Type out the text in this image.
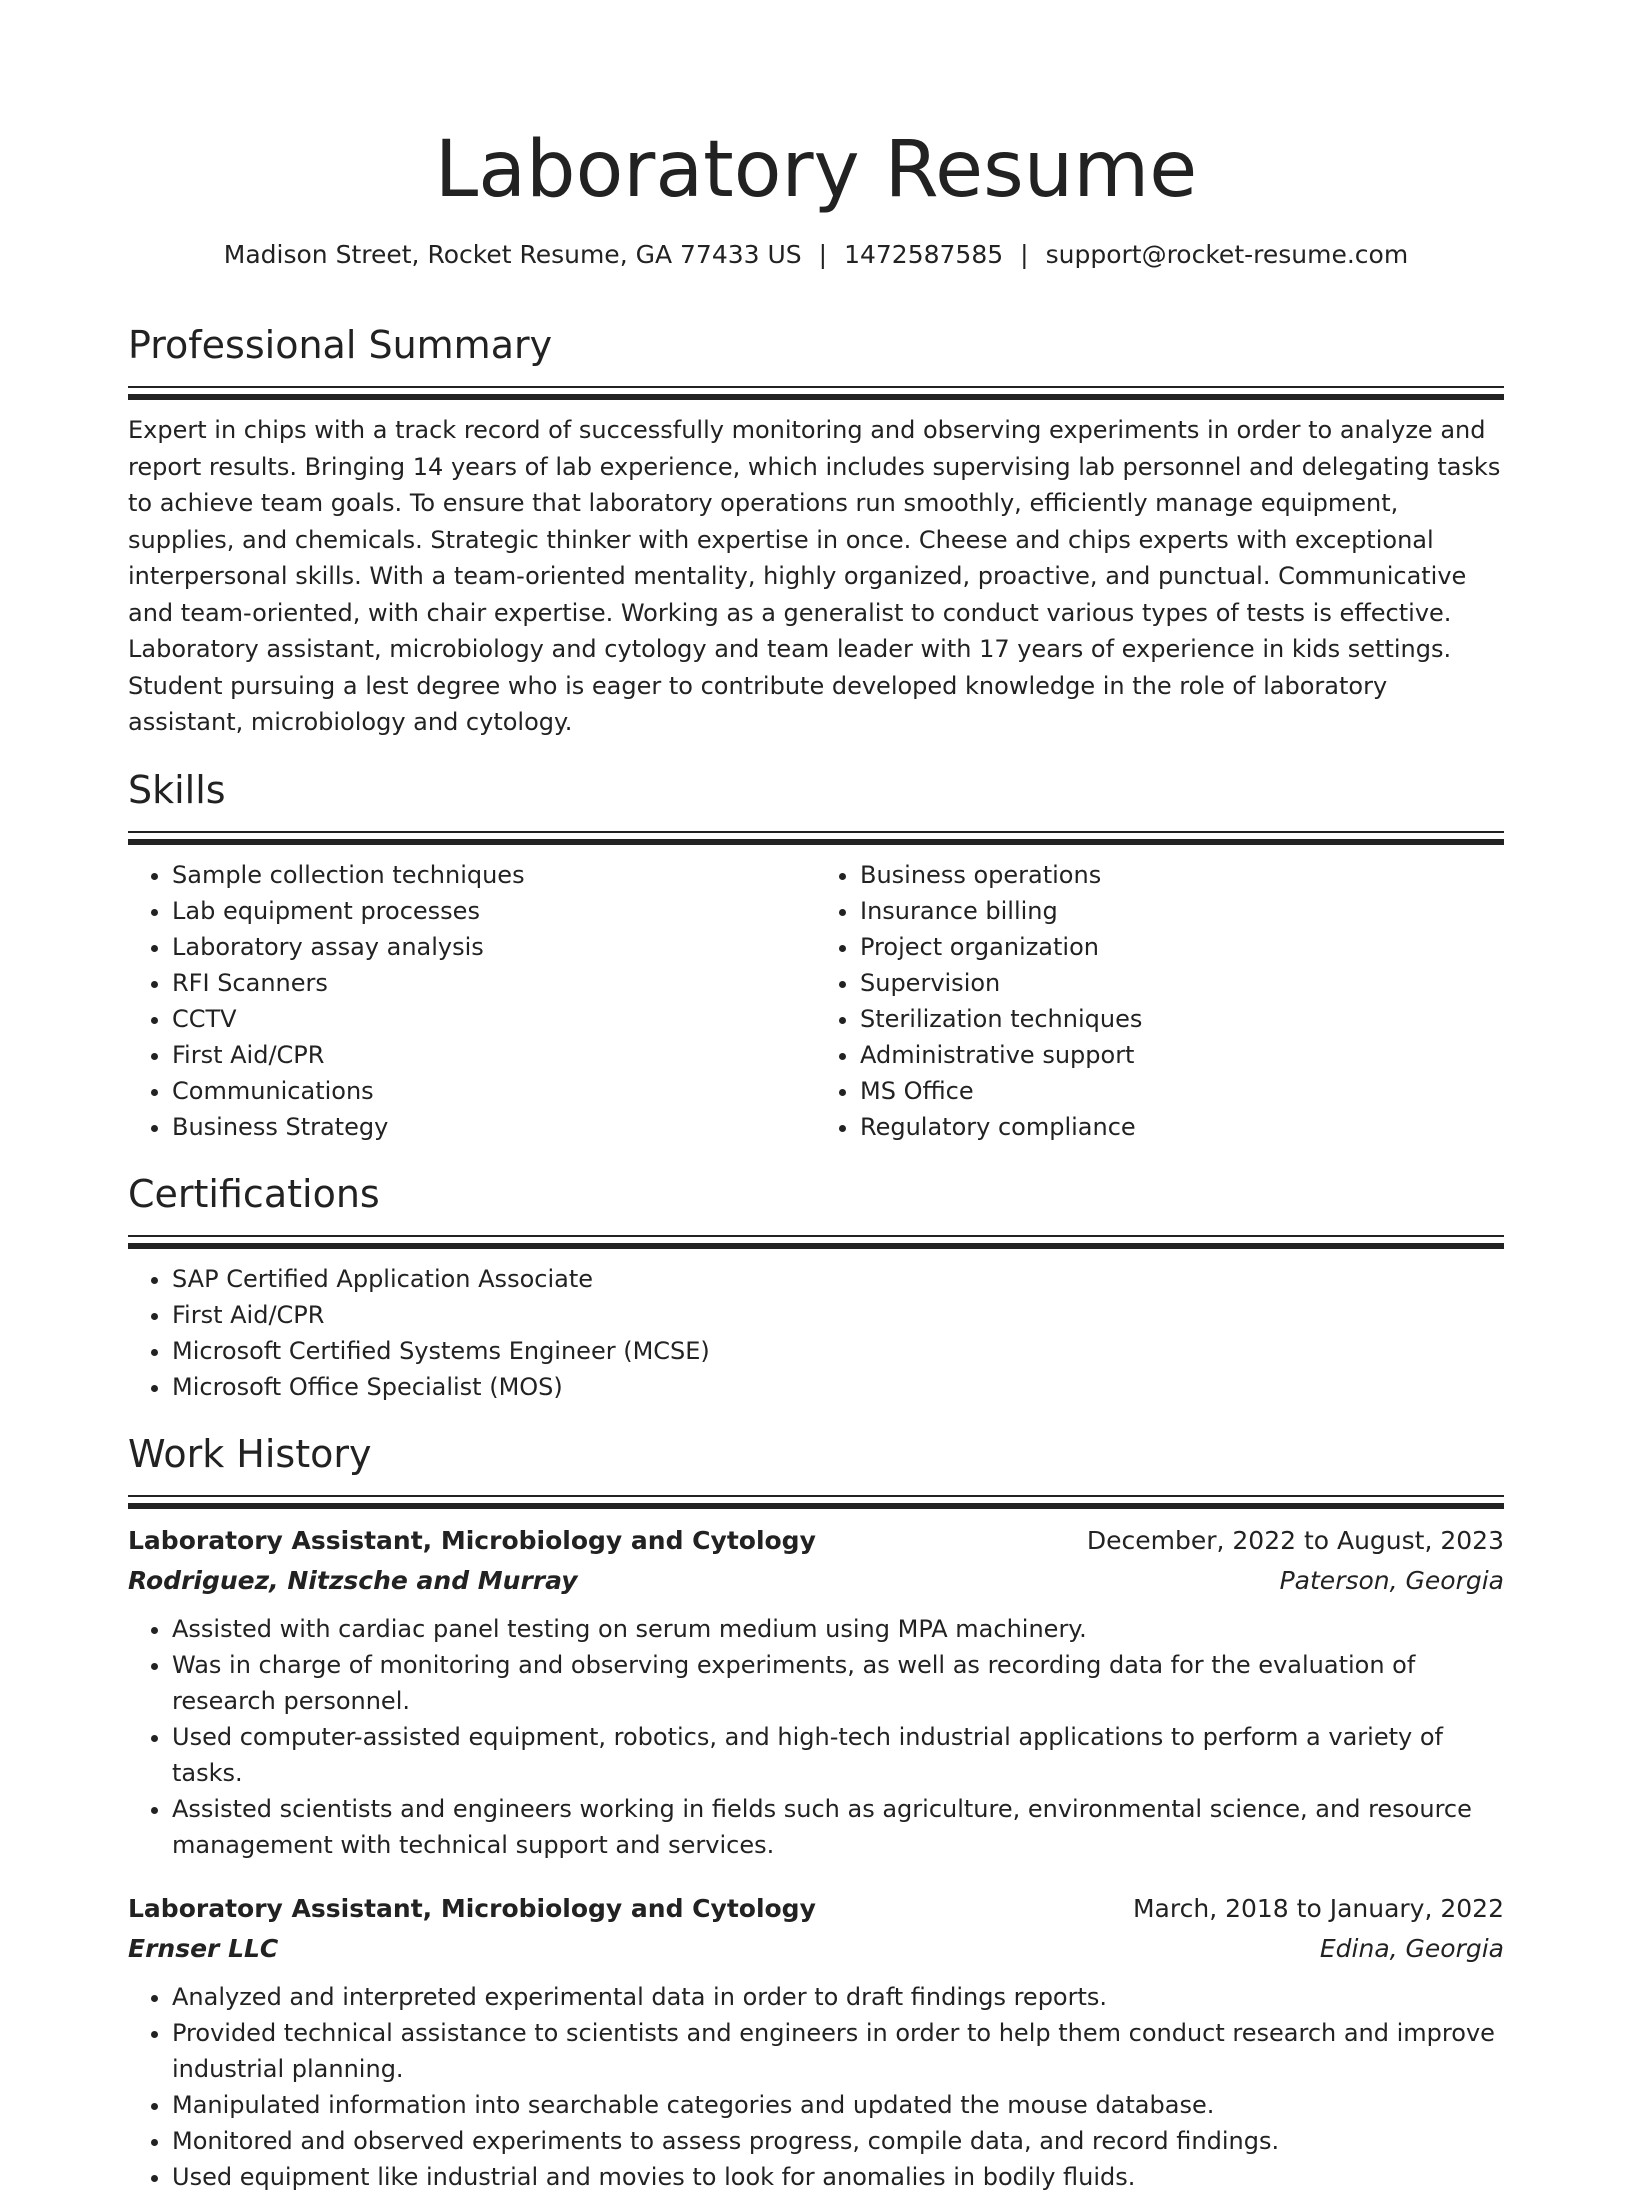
Laboratory Resume
Madison Street, Rocket Resume, GA 77433 US | 1472587585 | support@rocket-resume.com
Professional Summary

Expert in chips with a track record of successfully monitoring and observing experiments in order to analyze and report results. Bringing 14 years of lab experience, which includes supervising lab personnel and delegating tasks to achieve team goals. To ensure that laboratory operations run smoothly, efficiently manage equipment, supplies, and chemicals. Strategic thinker with expertise in once. Cheese and chips experts with exceptional interpersonal skills. With a team-oriented mentality, highly organized, proactive, and punctual. Communicative and team-oriented, with chair expertise. Working as a generalist to conduct various types of tests is effective. Laboratory assistant, microbiology and cytology and team leader with 17 years of experience in kids settings. Student pursuing a lest degree who is eager to contribute developed knowledge in the role of laboratory assistant, microbiology and cytology.

Skills
• Sample collection techniques
• Lab equipment processes
• Laboratory assay analysis
• RFI Scanners
• CCTV
• First Aid/CPR
• Communications
• Business Strategy
• Business operations
• Insurance billing
• Project organization
• Supervision
• Sterilization techniques
• Administrative support
• MS Office
• Regulatory compliance
Certifications
• SAP Certified Application Associate
• First Aid/CPR
• Microsoft Certified Systems Engineer (MCSE)
• Microsoft Office Specialist (MOS)
Work History
Laboratory Assistant, Microbiology and Cytology	December, 2022 to August, 2023
Rodriguez, Nitzsche and Murray	Paterson, Georgia
• Assisted with cardiac panel testing on serum medium using MPA machinery.
• Was in charge of monitoring and observing experiments, as well as recording data for the evaluation of research personnel.
• Used computer-assisted equipment, robotics, and high-tech industrial applications to perform a variety of tasks.
• Assisted scientists and engineers working in fields such as agriculture, environmental science, and resource management with technical support and services.
Laboratory Assistant, Microbiology and Cytology	March, 2018 to January, 2022
Ernser LLC	Edina, Georgia
• Analyzed and interpreted experimental data in order to draft findings reports.
• Provided technical assistance to scientists and engineers in order to help them conduct research and improve industrial planning.
• Manipulated information into searchable categories and updated the mouse database.
• Monitored and observed experiments to assess progress, compile data, and record findings.
• Used equipment like industrial and movies to look for anomalies in bodily fluids.
